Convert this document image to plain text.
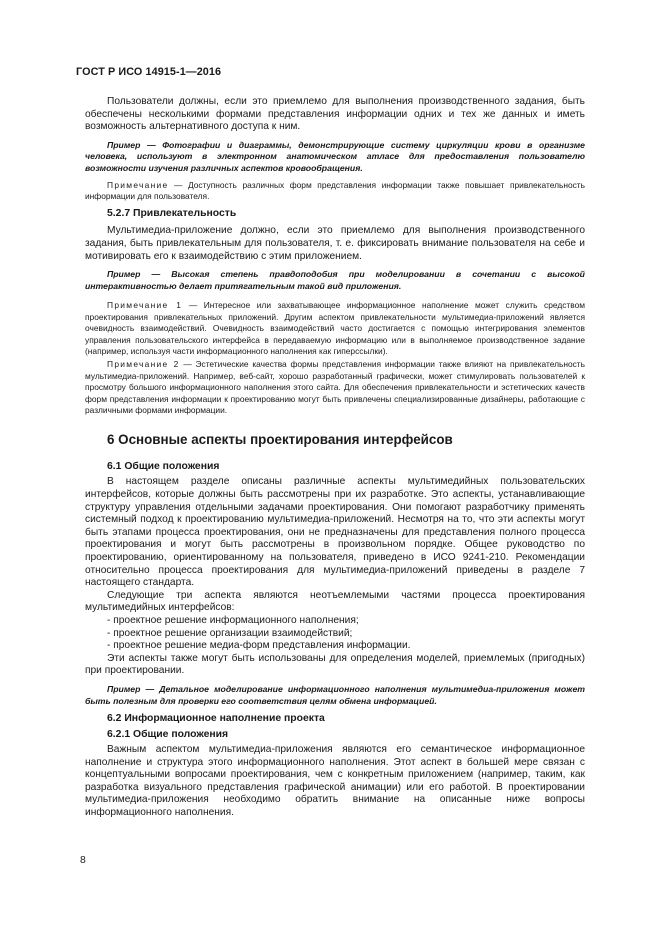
ГОСТ Р ИСО 14915-1—2016

Пользователи должны, если это приемлемо для выполнения производственного задания, быть обеспечены несколькими формами представления информации одних и тех же данных и иметь возможность альтернативного доступа к ним.

Пример — Фотографии и диаграммы, демонстрирующие систему циркуляции крови в организме человека, используют в электронном анатомическом атласе для предоставления пользователю возможности изучения различных аспектов кровообращения.

Примечание — Доступность различных форм представления информации также повышает привлекательность информации для пользователя.

5.2.7 Привлекательность

Мультимедиа-приложение должно, если это приемлемо для выполнения производственного задания, быть привлекательным для пользователя, т. е. фиксировать внимание пользователя на себе и мотивировать его к взаимодействию с этим приложением.

Пример — Высокая степень правдоподобия при моделировании в сочетании с высокой интерактивностью делает притягательным такой вид приложения.

Примечание 1 — Интересное или захватывающее информационное наполнение может служить средством проектирования привлекательных приложений. Другим аспектом привлекательности мультимедиа-приложений является очевидность взаимодействий. Очевидность взаимодействий часто достигается с помощью интегрирования элементов управления пользовательского интерфейса в передаваемую информацию или в выполняемое производственное задание (например, используя части информационного наполнения как гиперссылки).

Примечание 2 — Эстетические качества формы представления информации также влияют на привлекательность мультимедиа-приложений. Например, веб-сайт, хорошо разработанный графически, может стимулировать пользователей к просмотру большого информационного наполнения этого сайта. Для обеспечения привлекательности и эстетических качеств форм представления информации к проектированию могут быть привлечены специализированные дизайнеры, работающие с различными формами информации.

6 Основные аспекты проектирования интерфейсов

6.1 Общие положения

В настоящем разделе описаны различные аспекты мультимедийных пользовательских интерфейсов, которые должны быть рассмотрены при их разработке. Это аспекты, устанавливающие структуру управления отдельными задачами проектирования. Они помогают разработчику применять системный подход к проектированию мультимедиа-приложений. Несмотря на то, что эти аспекты могут быть этапами процесса проектирования, они не предназначены для представления полного процесса проектирования и могут быть рассмотрены в произвольном порядке. Общее руководство по проектированию, ориентированному на пользователя, приведено в ИСО 9241-210. Рекомендации относительно процесса проектирования для мультимедиа-приложений приведены в разделе 7 настоящего стандарта.

Следующие три аспекта являются неотъемлемыми частями процесса проектирования мультимедийных интерфейсов:

- проектное решение информационного наполнения;
- проектное решение организации взаимодействий;
- проектное решение медиа-форм представления информации.

Эти аспекты также могут быть использованы для определения моделей, приемлемых (пригодных) при проектировании.

Пример — Детальное моделирование информационного наполнения мультимедиа-приложения может быть полезным для проверки его соответствия целям обмена информацией.

6.2 Информационное наполнение проекта

6.2.1 Общие положения

Важным аспектом мультимедиа-приложения являются его семантическое информационное наполнение и структура этого информационного наполнения. Этот аспект в большей мере связан с концептуальными вопросами проектирования, чем с конкретным приложением (например, таким, как разработка визуального представления графической анимации) или его работой. В проектировании мультимедиа-приложения необходимо обратить внимание на описанные ниже вопросы информационного наполнения.

8
